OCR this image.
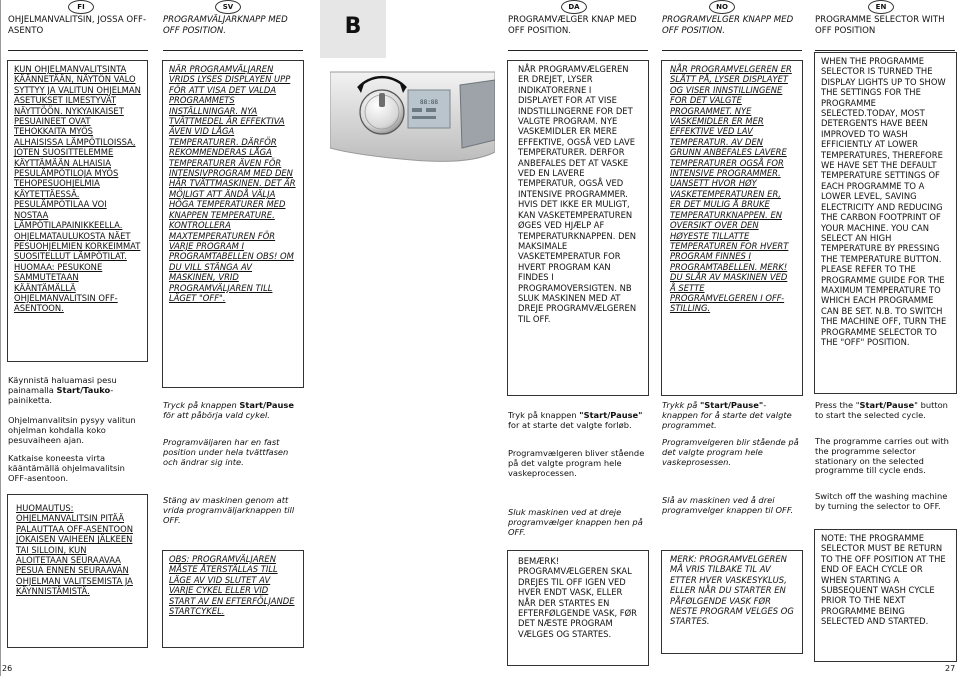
FI	SV	DA	NO	EN
OHJELMANVALITSIN, JOSSA OFF-ASENTO
PROGRAMVÄLJARKNAPP MED OFF POSITION.
PROGRAMVÆLGER KNAP MED OFF POSITION.
PROGRAMVELGER KNAPP MED OFF POSITION.
PROGRAMME SELECTOR WITH OFF POSITION
B
88:88
KUN OHJELMANVALITSINTA KÄÄNNETÄÄN, NÄYTÖN VALO SYTTYY JA VALITUN OHJELMAN ASETUKSET ILMESTYVÄT NÄYTTÖÖN. NYKYAIKAISET PESUAINEET OVAT TEHOKKAITA MYÖS ALHAISISSA LÄMPÖTILOISSA, JOTEN SUOSITTELEMME KÄYTTÄMÄÄN ALHAISIA PESULÄMPÖTILOJA MYÖS TEHOPESUOHJELMIA KÄYTETTÄESSÄ. PESULÄMPÖTILAA VOI NOSTAA LÄMPÖTILAPAINIKKEELLA. OHJELMATAULUKOSTA NÄET PESUOHJELMIEN KORKEIMMAT SUOSITELLUT LÄMPÖTILAT. HUOMAA: PESUKONE SAMMUTETAAN KÄÄNTÄMÄLLÄ OHJELMANVALITSIN OFF-ASENTOON.
Käynnistä haluamasi pesu painamalla Start/Tauko-painiketta.
Ohjelmanvalitsin pysyy valitun ohjelman kohdalla koko pesuvaiheen ajan.
Katkaise koneesta virta kääntämällä ohjelmavalitsin OFF-asentoon.
HUOMAUTUS: OHJELMANVALITSIN PITÄÄ PALAUTTAA OFF-ASENTOON JOKAISEN VAIHEEN JÄLKEEN TAI SILLOIN, KUN ALOITETAAN SEURAAVAA PESUA ENNEN SEURAAVAN OHJELMAN VALITSEMISTA JA KÄYNNISTÄMISTÄ.
NÄR PROGRAMVÄLJAREN VRIDS LYSES DISPLAYEN UPP FÖR ATT VISA DET VALDA PROGRAMMETS INSTÄLLNINGAR. NYA TVÄTTMEDEL ÄR EFFEKTIVA ÄVEN VID LÅGA TEMPERATURER. DÄRFÖR REKOMMENDERAS LÅGA TEMPERATURER ÄVEN FÖR INTENSIVPROGRAM MED DEN HÄR TVÄTTMASKINEN. DET ÄR MÖJLIGT ATT ÄNDÅ VÄLJA HÖGA TEMPERATURER MED KNAPPEN TEMPERATURE. KONTROLLERA MAXTEMPERATUREN FÖR VARJE PROGRAM I PROGRAMTABELLEN OBS! OM DU VILL STÄNGA AV MASKINEN, VRID PROGRAMVÄLJAREN TILL LÄGET "OFF".
Tryck på knappen Start/Pause för att påbörja vald cykel.
Programväljaren har en fast position under hela tvättfasen och ändrar sig inte.
Stäng av maskinen genom att vrida programväljarknappen till OFF.
OBS: PROGRAMVÄLJAREN MÅSTE ÅTERSTÄLLAS TILL LÄGE AV VID SLUTET AV VARJE CYKEL ELLER VID START AV EN EFTERFÖLJANDE STARTCYKEL.
NÅR PROGRAMVÆLGEREN ER DREJET, LYSER INDIKATORERNE I DISPLAYET FOR AT VISE INDSTILLINGERNE FOR DET VALGTE PROGRAM. NYE VASKEMIDLER ER MERE EFFEKTIVE, OGSÅ VED LAVE TEMPERATURER. DERFOR ANBEFALES DET AT VASKE VED EN LAVERE TEMPERATUR, OGSÅ VED INTENSIVE PROGRAMMER. HVIS DET IKKE ER MULIGT, KAN VASKETEMPERATUREN ØGES VED HJÆLP AF TEMPERATURKNAPPEN. DEN MAKSIMALE VASKETEMPERATUR FOR HVERT PROGRAM KAN FINDES I PROGRAMOVERSIGTEN. NB SLUK MASKINEN MED AT DREJE PROGRAMVÆLGEREN TIL OFF.
Tryk på knappen "Start/Pause" for at starte det valgte forløb.
Programvælgeren bliver stående på det valgte program hele vaskeprocessen.
Sluk maskinen ved at dreje programvælger knappen hen på OFF.
BEMÆRK! PROGRAMVÆLGEREN SKAL DREJES TIL OFF IGEN VED HVER ENDT VASK, ELLER NÅR DER STARTES EN EFTERFØLGENDE VASK, FØR DET NÆSTE PROGRAM VÆLGES OG STARTES.
NÅR PROGRAMVELGEREN ER SLÅTT PÅ, LYSER DISPLAYET OG VISER INNSTILLINGENE FOR DET VALGTE PROGRAMMET. NYE VASKEMIDLER ER MER EFFEKTIVE VED LAV TEMPERATUR. AV DEN GRUNN ANBEFALES LAVERE TEMPERATURER OGSÅ FOR INTENSIVE PROGRAMMER. UANSETT HVOR HØY VASKETEMPERATUREN ER, ER DET MULIG Å BRUKE TEMPERATURKNAPPEN. EN OVERSIKT OVER DEN HØYESTE TILLATTE TEMPERATUREN FOR HVERT PROGRAM FINNES I PROGRAMTABELLEN. MERK! DU SLÅR AV MASKINEN VED Å SETTE PROGRAMVELGEREN I OFF-STILLING.
Trykk på "Start/Pause"-knappen for å starte det valgte programmet.
Programvelgeren blir stående på det valgte program hele vaskeprosessen.
Slå av maskinen ved å drei programvelger knappen til OFF.
MERK: PROGRAMVELGEREN MÅ VRIS TILBAKE TIL AV ETTER HVER VASKESYKLUS, ELLER NÅR DU STARTER EN PÅFØLGENDE VASK FØR NESTE PROGRAM VELGES OG STARTES.
WHEN THE PROGRAMME SELECTOR IS TURNED THE DISPLAY LIGHTS UP TO SHOW THE SETTINGS FOR THE PROGRAMME SELECTED.TODAY, MOST DETERGENTS HAVE BEEN IMPROVED TO WASH EFFICIENTLY AT LOWER TEMPERATURES, THEREFORE WE HAVE SET THE DEFAULT TEMPERATURE SETTINGS OF EACH PROGRAMME TO A LOWER LEVEL, SAVING ELECTRICITY AND REDUCING THE CARBON FOOTPRINT OF YOUR MACHINE. YOU CAN SELECT AN HIGH TEMPERATURE BY PRESSING THE TEMPERATURE BUTTON. PLEASE REFER TO THE PROGRAMME GUIDE FOR THE MAXIMUM TEMPERATURE TO WHICH EACH PROGRAMME CAN BE SET. N.B. TO SWITCH THE MACHINE OFF, TURN THE PROGRAMME SELECTOR TO THE "OFF" POSITION.
Press the "Start/Pause" button to start the selected cycle.
The programme carries out with the programme selector stationary on the selected programme till cycle ends.
Switch off the washing machine by turning the selector to OFF.
NOTE: THE PROGRAMME SELECTOR MUST BE RETURN TO THE OFF POSITION AT THE END OF EACH CYCLE OR WHEN STARTING A SUBSEQUENT WASH CYCLE PRIOR TO THE NEXT PROGRAMME BEING SELECTED AND STARTED.
26	27
